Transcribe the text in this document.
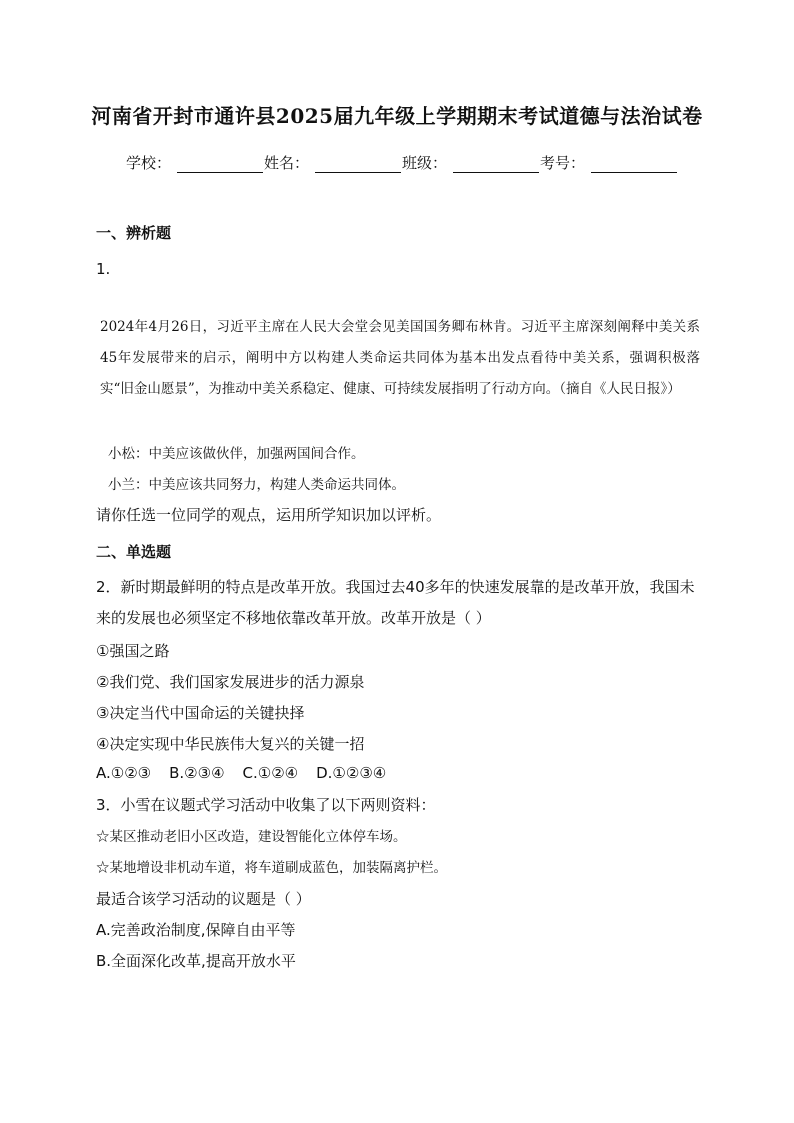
河南省开封市通许县2025届九年级上学期期末考试道德与法治试卷
学校：	姓名：	班级：	考号：
一、辨析题
1.
2024年4月26日，习近平主席在人民大会堂会见美国国务卿布林肯。习近平主席深刻阐释中美关系45年发展带来的启示，阐明中方以构建人类命运共同体为基本出发点看待中美关系，强调积极落实“旧金山愿景”，为推动中美关系稳定、健康、可持续发展指明了行动方向。（摘自《人民日报》）
小松：中美应该做伙伴，加强两国间合作。
小兰：中美应该共同努力，构建人类命运共同体。
请你任选一位同学的观点，运用所学知识加以评析。
二、单选题
2．新时期最鲜明的特点是改革开放。我国过去40多年的快速发展靠的是改革开放，我国未来的发展也必须坚定不移地依靠改革开放。改革开放是（ ）
①强国之路
②我们党、我们国家发展进步的活力源泉
③决定当代中国命运的关键抉择
④决定实现中华民族伟大复兴的关键一招
A.①②③ B.②③④ C.①②④ D.①②③④
3．小雪在议题式学习活动中收集了以下两则资料：
☆某区推动老旧小区改造，建设智能化立体停车场。
☆某地增设非机动车道，将车道刷成蓝色，加装隔离护栏。
最适合该学习活动的议题是（ ）
A.完善政治制度,保障自由平等
B.全面深化改革,提高开放水平
